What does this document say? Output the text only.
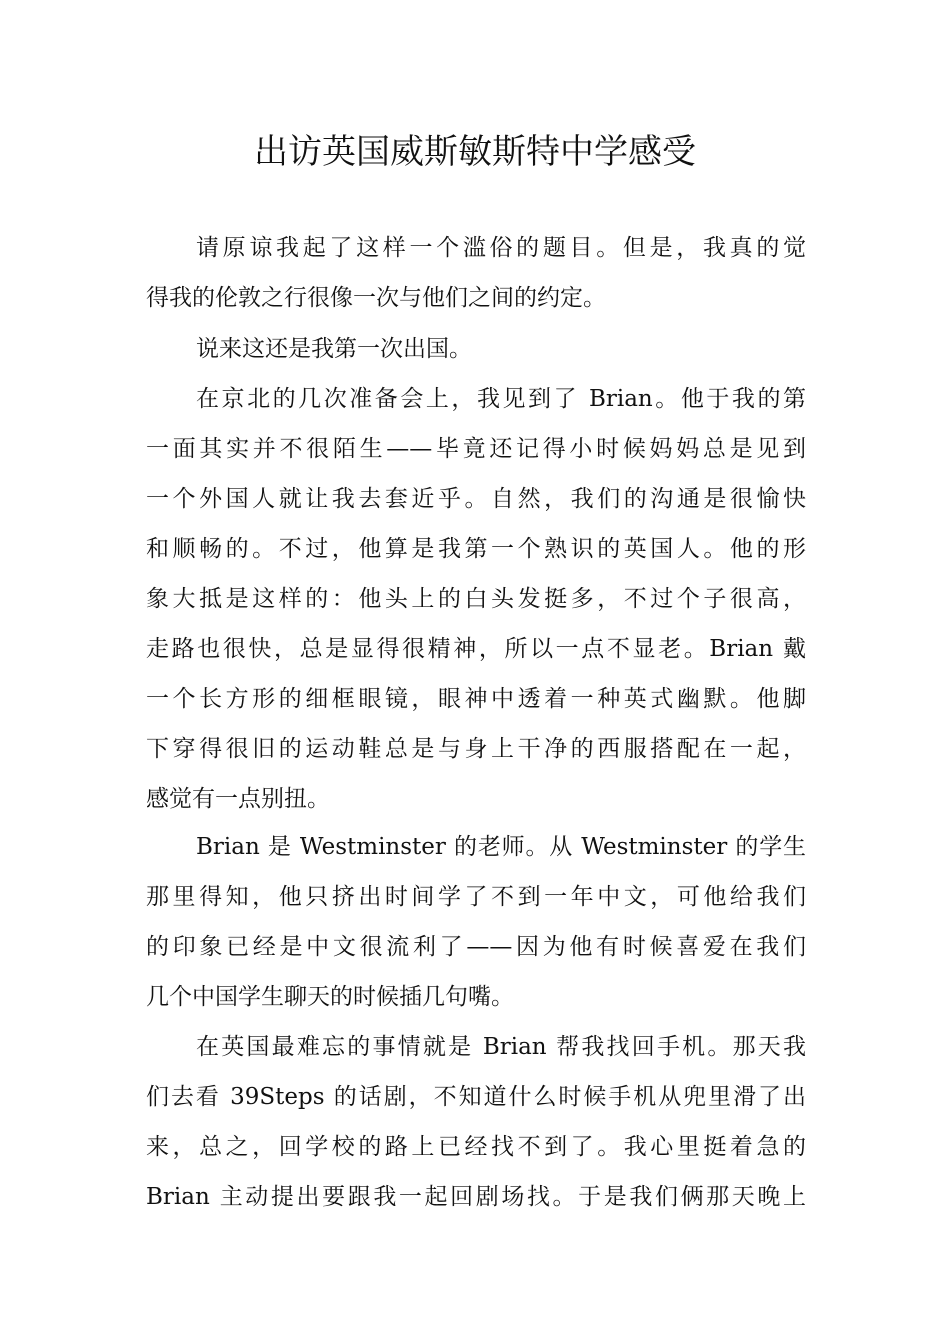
出访英国威斯敏斯特中学感受
请原谅我起了这样一个滥俗的题目。但是，我真的觉
得我的伦敦之行很像一次与他们之间的约定。
说来这还是我第一次出国。
在京北的几次准备会上，我见到了 Brian。他于我的第
一面其实并不很陌生——毕竟还记得小时候妈妈总是见到
一个外国人就让我去套近乎。自然，我们的沟通是很愉快
和顺畅的。不过，他算是我第一个熟识的英国人。他的形
象大抵是这样的：他头上的白头发挺多，不过个子很高，
走路也很快，总是显得很精神，所以一点不显老。Brian 戴
一个长方形的细框眼镜，眼神中透着一种英式幽默。他脚
下穿得很旧的运动鞋总是与身上干净的西服搭配在一起，
感觉有一点别扭。
Brian 是 Westminster 的老师。从 Westminster 的学生
那里得知，他只挤出时间学了不到一年中文，可他给我们
的印象已经是中文很流利了——因为他有时候喜爱在我们
几个中国学生聊天的时候插几句嘴。
在英国最难忘的事情就是 Brian 帮我找回手机。那天我
们去看 39Steps 的话剧，不知道什么时候手机从兜里滑了出
来，总之，回学校的路上已经找不到了。我心里挺着急的
Brian 主动提出要跟我一起回剧场找。于是我们俩那天晚上
